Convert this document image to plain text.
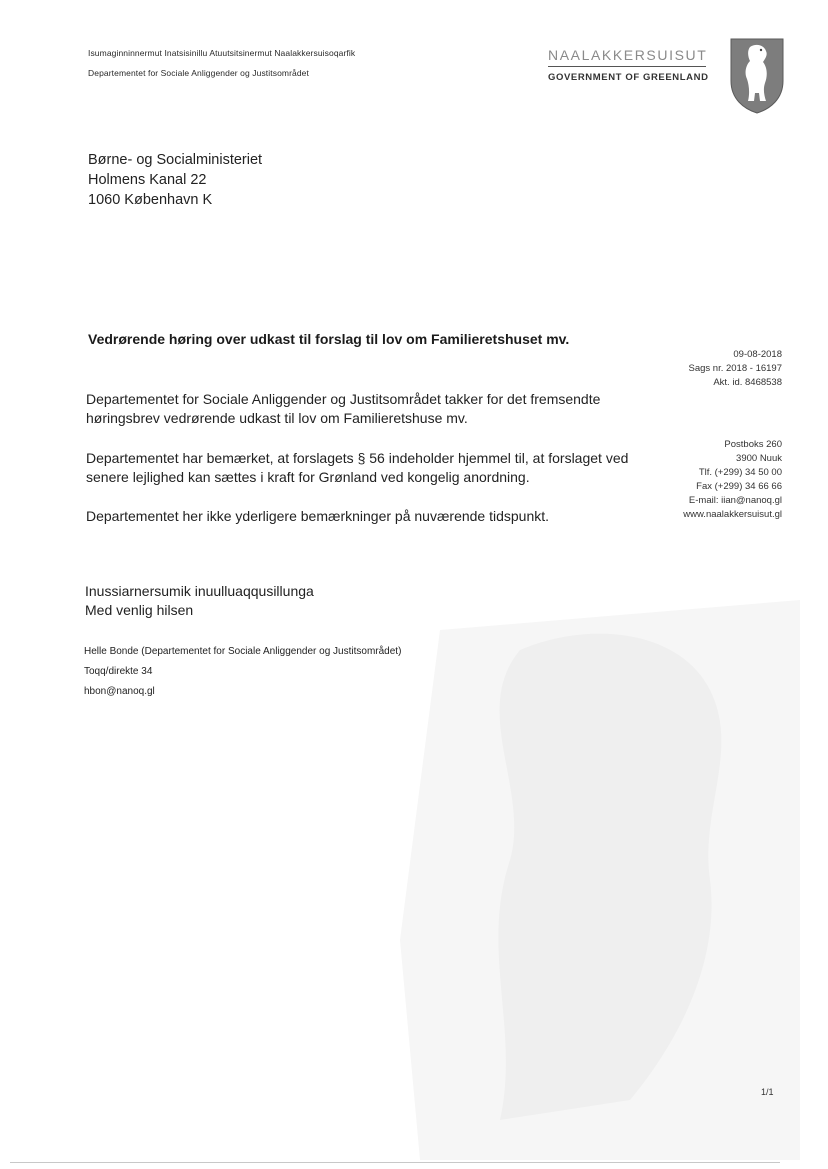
Isumaginninnermut Inatsisinillu Atuutsitsinermut Naalakkersuisoqarfik
Departementet for Sociale Anliggender og Justitsområdet
NAALAKKERSUISUT
GOVERNMENT OF GREENLAND
Børne- og Socialministeriet
Holmens Kanal 22
1060 København K
Vedrørende høring over udkast til forslag til lov om Familieretshuset mv.
09-08-2018
Sags nr. 2018 - 16197
Akt. id. 8468538
Postboks 260
3900 Nuuk
Tlf. (+299) 34 50 00
Fax (+299) 34 66 66
E-mail: iian@nanoq.gl
www.naalakkersuisut.gl
Departementet for Sociale Anliggender og Justitsområdet takker for det fremsendte høringsbrev vedrørende udkast til lov om Familieretshuse mv.
Departementet har bemærket, at forslagets § 56 indeholder hjemmel til, at forslaget ved senere lejlighed kan sættes i kraft for Grønland ved kongelig anordning.
Departementet her ikke yderligere bemærkninger på nuværende tidspunkt.
Inussiarnersumik inuulluaqqusillunga
Med venlig hilsen
Helle Bonde (Departementet for Sociale Anliggender og Justitsområdet)
Toqq/direkte 34
hbon@nanoq.gl
1/1
